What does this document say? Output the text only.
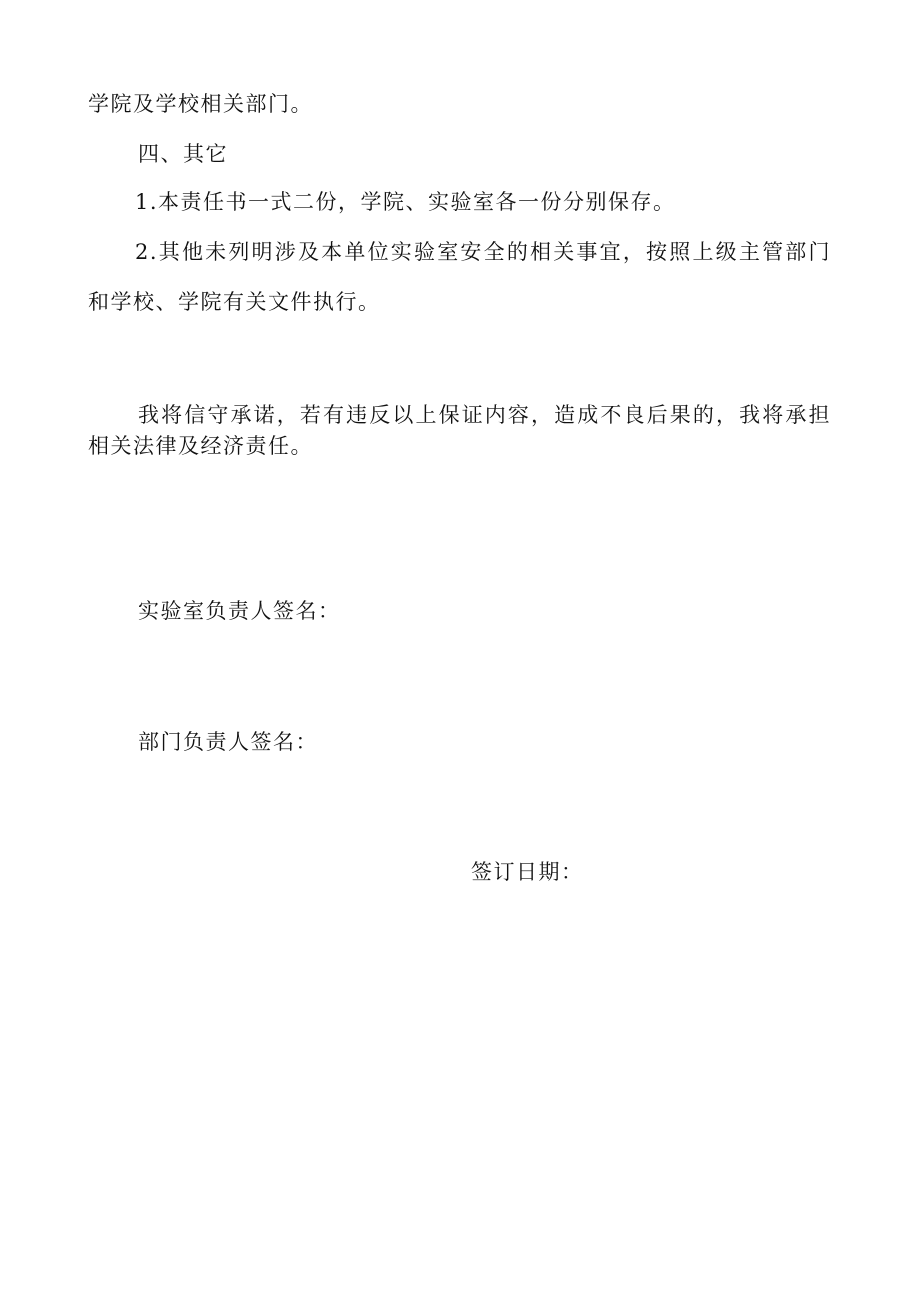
学院及学校相关部门。
四、其它
1.本责任书一式二份，学院、实验室各一份分别保存。
2.其他未列明涉及本单位实验室安全的相关事宜，按照上级主管部门
和学校、学院有关文件执行。
我将信守承诺，若有违反以上保证内容，造成不良后果的，我将承担
相关法律及经济责任。
实验室负责人签名：
部门负责人签名：
签订日期：
